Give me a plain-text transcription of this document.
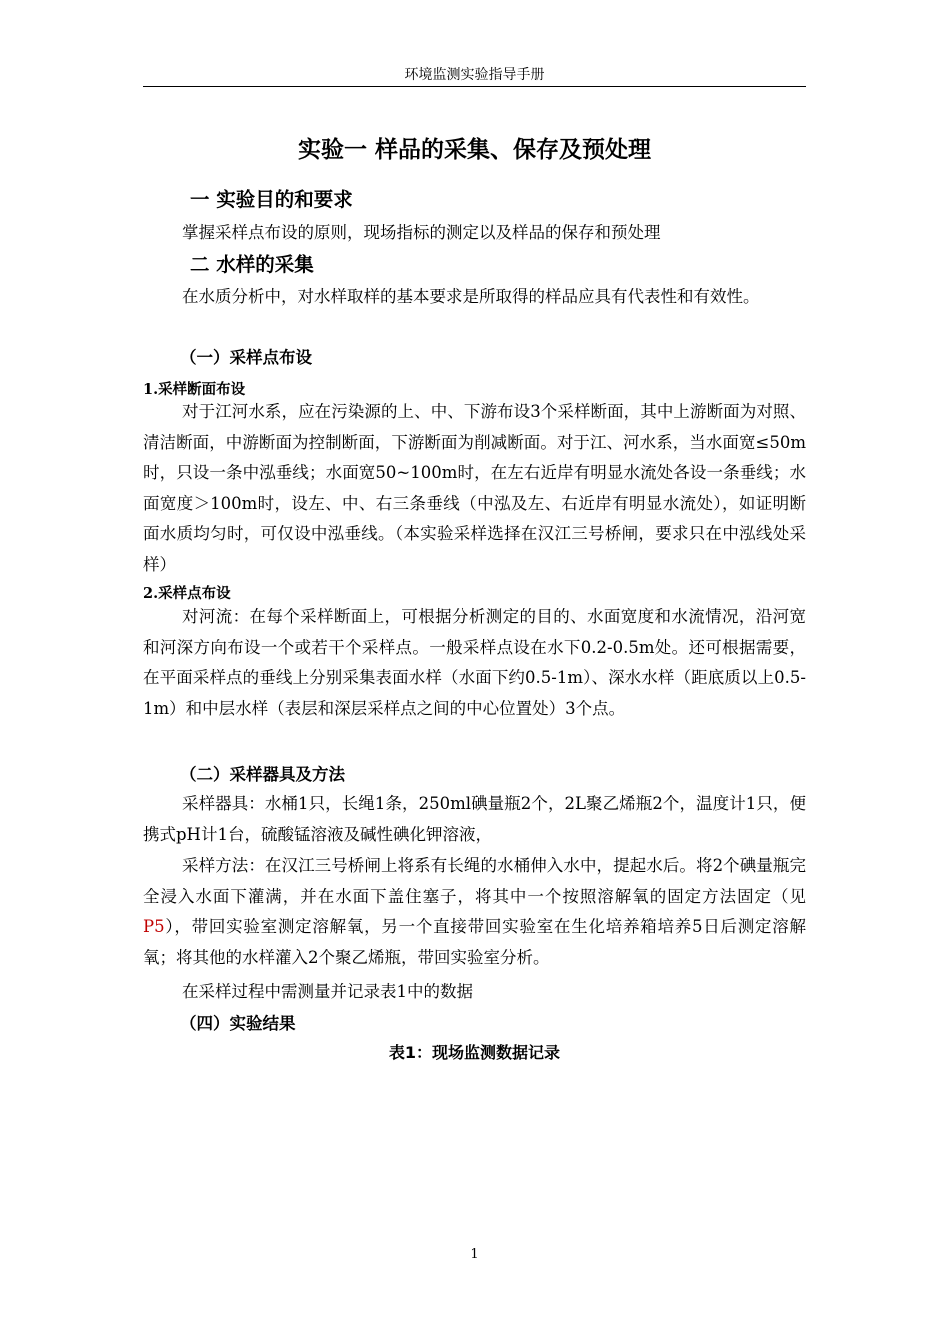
环境监测实验指导手册
实验一 样品的采集、保存及预处理
一 实验目的和要求

掌握采样点布设的原则，现场指标的测定以及样品的保存和预处理

二 水样的采集

在水质分析中，对水样取样的基本要求是所取得的样品应具有代表性和有效性。

（一）采样点布设
1.采样断面布设

对于江河水系，应在污染源的上、中、下游布设3个采样断面，其中上游断面为对照、清洁断面，中游断面为控制断面，下游断面为削减断面。对于江、河水系，当水面宽≤50m时，只设一条中泓垂线；水面宽50~100m时，在左右近岸有明显水流处各设一条垂线；水面宽度＞100m时，设左、中、右三条垂线（中泓及左、右近岸有明显水流处），如证明断面水质均匀时，可仅设中泓垂线。（本实验采样选择在汉江三号桥闸，要求只在中泓线处采样）

2.采样点布设

对河流：在每个采样断面上，可根据分析测定的目的、水面宽度和水流情况，沿河宽和河深方向布设一个或若干个采样点。一般采样点设在水下0.2-0.5m处。还可根据需要，在平面采样点的垂线上分别采集表面水样（水面下约0.5-1m）、深水水样（距底质以上0.5-1m）和中层水样（表层和深层采样点之间的中心位置处）3个点。

（二）采样器具及方法

采样器具：水桶1只，长绳1条，250ml碘量瓶2个，2L聚乙烯瓶2个，温度计1只，便携式pH计1台，硫酸锰溶液及碱性碘化钾溶液，

采样方法：在汉江三号桥闸上将系有长绳的水桶伸入水中，提起水后。将2个碘量瓶完全浸入水面下灌满，并在水面下盖住塞子，将其中一个按照溶解氧的固定方法固定（见P5），带回实验室测定溶解氧，另一个直接带回实验室在生化培养箱培养5日后测定溶解氧；将其他的水样灌入2个聚乙烯瓶，带回实验室分析。

在采样过程中需测量并记录表1中的数据

（四）实验结果
表1：现场监测数据记录
1
